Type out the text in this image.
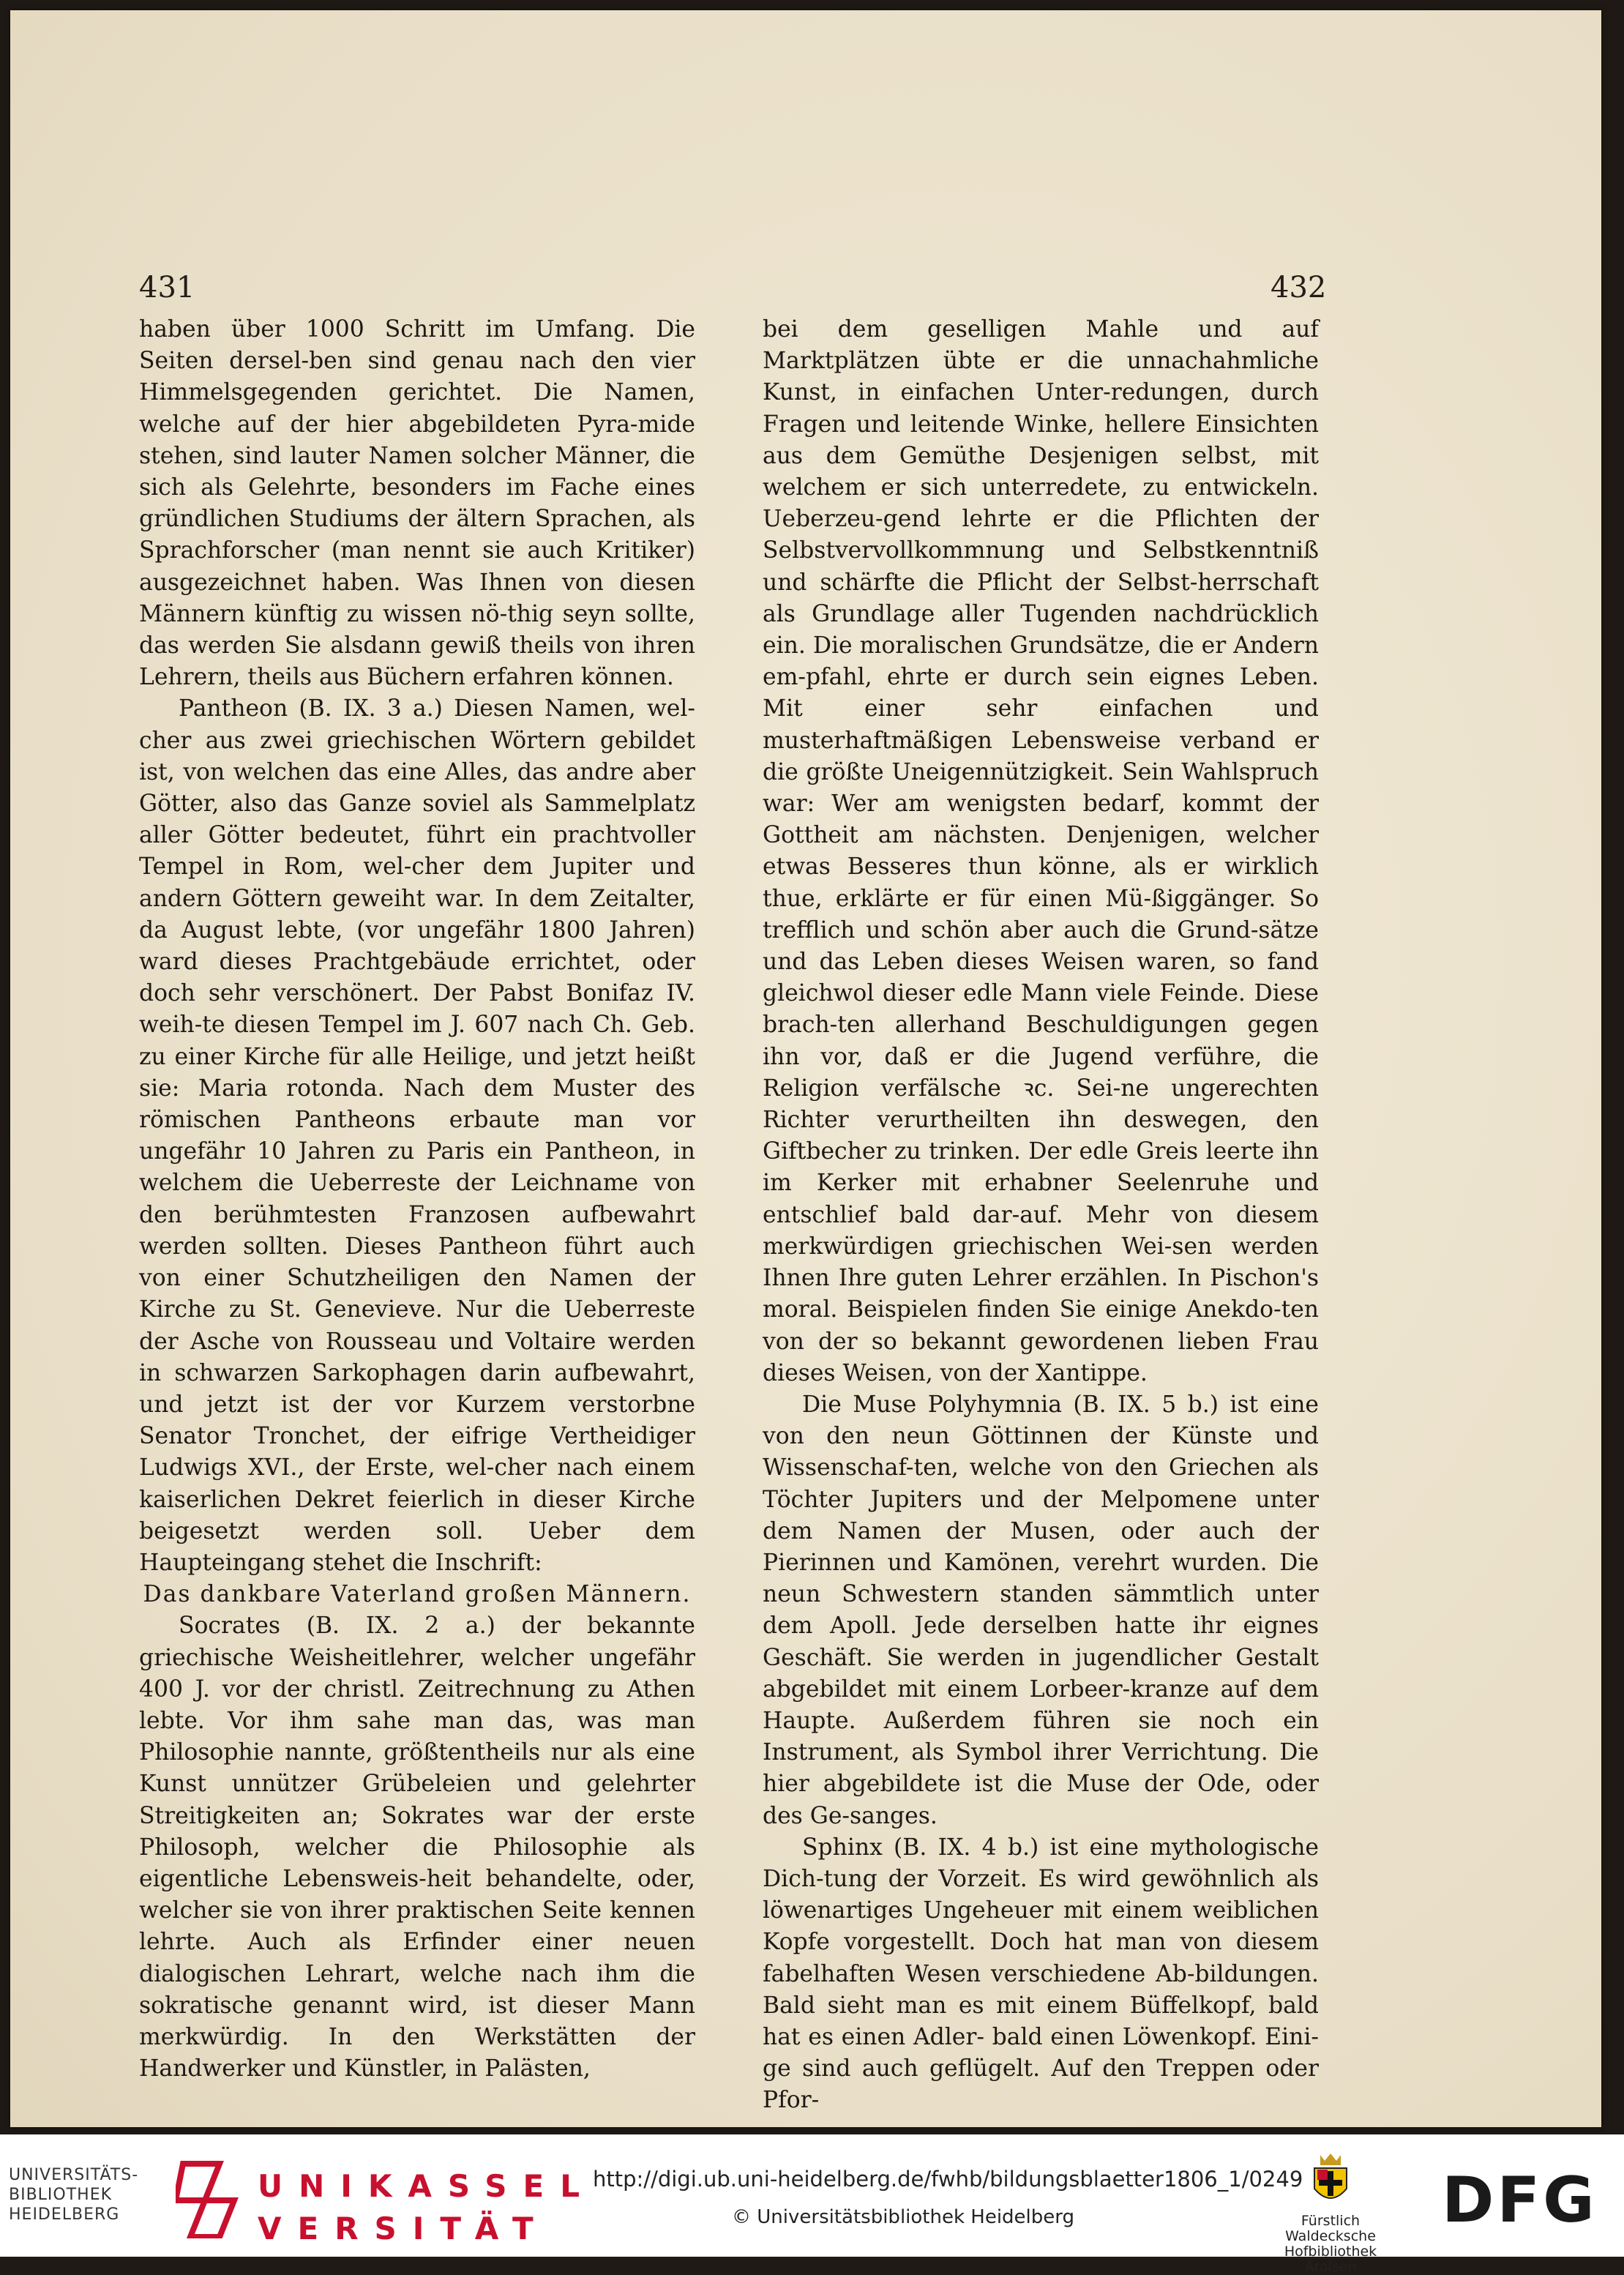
431	432

haben über 1000 Schritt im Umfang. Die Seiten dersel-ben sind genau nach den vier Himmelsgegenden gerichtet. Die Namen, welche auf der hier abgebildeten Pyra-mide stehen, sind lauter Namen solcher Männer, die sich als Gelehrte, besonders im Fache eines gründlichen Studiums der ältern Sprachen, als Sprachforscher (man nennt sie auch Kritiker) ausgezeichnet haben. Was Ihnen von diesen Männern künftig zu wissen nö-thig seyn sollte, das werden Sie alsdann gewiß theils von ihren Lehrern, theils aus Büchern erfahren können.

Pantheon (B. IX. 3 a.) Diesen Namen, wel-cher aus zwei griechischen Wörtern gebildet ist, von welchen das eine Alles, das andre aber Götter, also das Ganze soviel als Sammelplatz aller Götter bedeutet, führt ein prachtvoller Tempel in Rom, wel-cher dem Jupiter und andern Göttern geweiht war. In dem Zeitalter, da August lebte, (vor ungefähr 1800 Jahren) ward dieses Prachtgebäude errichtet, oder doch sehr verschönert. Der Pabst Bonifaz IV. weih-te diesen Tempel im J. 607 nach Ch. Geb. zu einer Kirche für alle Heilige, und jetzt heißt sie: Maria rotonda. Nach dem Muster des römischen Pantheons erbaute man vor ungefähr 10 Jahren zu Paris ein Pantheon, in welchem die Ueberreste der Leichname von den berühmtesten Franzosen aufbewahrt werden sollten. Dieses Pantheon führt auch von einer Schutzheiligen den Namen der Kirche zu St. Genevieve. Nur die Ueberreste der Asche von Rousseau und Voltaire werden in schwarzen Sarkophagen darin aufbewahrt, und jetzt ist der vor Kurzem verstorbne Senator Tronchet, der eifrige Vertheidiger Ludwigs XVI., der Erste, wel-cher nach einem kaiserlichen Dekret feierlich in dieser Kirche beigesetzt werden soll. Ueber dem Haupteingang stehet die Inschrift:

Das dankbare Vaterland großen Männern.

Socrates (B. IX. 2 a.) der bekannte griechische Weisheitlehrer, welcher ungefähr 400 J. vor der christl. Zeitrechnung zu Athen lebte. Vor ihm sahe man das, was man Philosophie nannte, größtentheils nur als eine Kunst unnützer Grübeleien und gelehrter Streitigkeiten an; Sokrates war der erste Philosoph, welcher die Philosophie als eigentliche Lebensweis-heit behandelte, oder, welcher sie von ihrer praktischen Seite kennen lehrte. Auch als Erfinder einer neuen dialogischen Lehrart, welche nach ihm die sokratische genannt wird, ist dieser Mann merkwürdig. In den Werkstätten der Handwerker und Künstler, in Palästen,

bei dem geselligen Mahle und auf Marktplätzen übte er die unnachahmliche Kunst, in einfachen Unter-redungen, durch Fragen und leitende Winke, hellere Einsichten aus dem Gemüthe Desjenigen selbst, mit welchem er sich unterredete, zu entwickeln. Ueberzeu-gend lehrte er die Pflichten der Selbstvervollkommnung und Selbstkenntniß und schärfte die Pflicht der Selbst-herrschaft als Grundlage aller Tugenden nachdrücklich ein. Die moralischen Grundsätze, die er Andern em-pfahl, ehrte er durch sein eignes Leben. Mit einer sehr einfachen und musterhaftmäßigen Lebensweise verband er die größte Uneigennützigkeit. Sein Wahlspruch war: Wer am wenigsten bedarf, kommt der Gottheit am nächsten. Denjenigen, welcher etwas Besseres thun könne, als er wirklich thue, erklärte er für einen Mü-ßiggänger. So trefflich und schön aber auch die Grund-sätze und das Leben dieses Weisen waren, so fand gleichwol dieser edle Mann viele Feinde. Diese brach-ten allerhand Beschuldigungen gegen ihn vor, daß er die Jugend verführe, die Religion verfälsche ꝛc. Sei-ne ungerechten Richter verurtheilten ihn deswegen, den Giftbecher zu trinken. Der edle Greis leerte ihn im Kerker mit erhabner Seelenruhe und entschlief bald dar-auf. Mehr von diesem merkwürdigen griechischen Wei-sen werden Ihnen Ihre guten Lehrer erzählen. In Pischon's moral. Beispielen finden Sie einige Anekdo-ten von der so bekannt gewordenen lieben Frau dieses Weisen, von der Xantippe.

Die Muse Polyhymnia (B. IX. 5 b.) ist eine von den neun Göttinnen der Künste und Wissenschaf-ten, welche von den Griechen als Töchter Jupiters und der Melpomene unter dem Namen der Musen, oder auch der Pierinnen und Kamönen, verehrt wurden. Die neun Schwestern standen sämmtlich unter dem Apoll. Jede derselben hatte ihr eignes Geschäft. Sie werden in jugendlicher Gestalt abgebildet mit einem Lorbeer-kranze auf dem Haupte. Außerdem führen sie noch ein Instrument, als Symbol ihrer Verrichtung. Die hier abgebildete ist die Muse der Ode, oder des Ge-sanges.

Sphinx (B. IX. 4 b.) ist eine mythologische Dich-tung der Vorzeit. Es wird gewöhnlich als löwenartiges Ungeheuer mit einem weiblichen Kopfe vorgestellt. Doch hat man von diesem fabelhaften Wesen verschiedene Ab-bildungen. Bald sieht man es mit einem Büffelkopf, bald hat es einen Adler- bald einen Löwenkopf. Eini-ge sind auch geflügelt. Auf den Treppen oder Pfor-

UNIVERSITÄTS-
BIBLIOTHEK
HEIDELBERG
UNIKASSEL
VERSITÄT
http://digi.ub.uni-heidelberg.de/fwhb/bildungsblaetter1806_1/0249
© Universitätsbibliothek Heidelberg	Fürstlich Waldecksche
Hofbibliothek Arolsen
DFG
